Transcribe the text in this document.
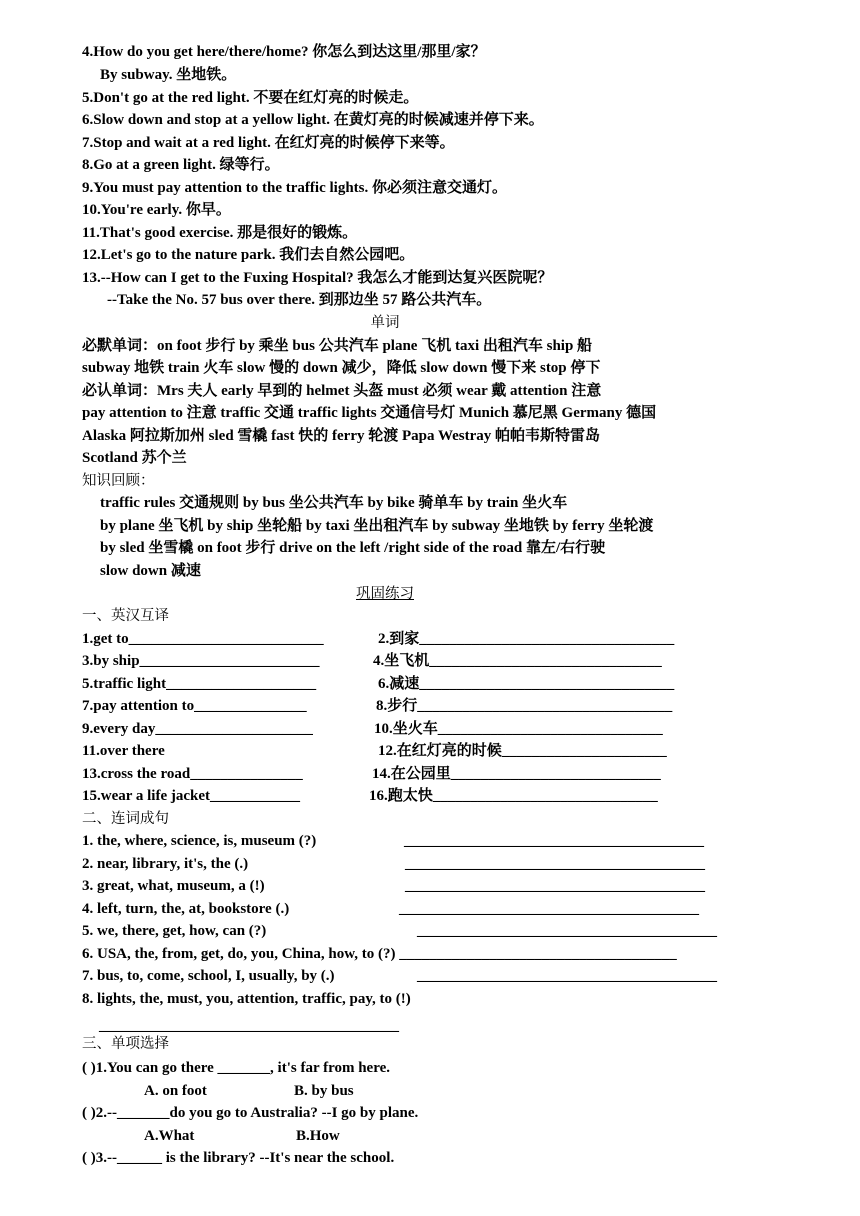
4.How do you get here/there/home? 你怎么到达这里/那里/家？
By subway. 坐地铁。
5.Don't go at the red light. 不要在红灯亮的时候走。
6.Slow down and stop at a yellow light. 在黄灯亮的时候减速并停下来。
7.Stop and wait at a red light. 在红灯亮的时候停下来等。
8.Go at a green light. 绿等行。
9.You must pay attention to the traffic lights. 你必须注意交通灯。
10.You're early. 你早。
11.That's good exercise. 那是很好的锻炼。
12.Let's go to the nature park. 我们去自然公园吧。
13.--How can I get to the Fuxing Hospital? 我怎么才能到达复兴医院呢？
--Take the No. 57 bus over there. 到那边坐 57 路公共汽车。
单词
必默单词：on foot 步行 by 乘坐 bus 公共汽车 plane 飞机 taxi 出租汽车 ship 船
subway 地铁 train 火车 slow 慢的 down 减少，降低 slow down 慢下来 stop 停下
必认单词：Mrs 夫人 early 早到的 helmet 头盔 must 必须 wear 戴 attention 注意
pay attention to 注意 traffic 交通 traffic lights 交通信号灯 Munich 慕尼黑 Germany 德国
Alaska 阿拉斯加州 sled 雪橇 fast 快的 ferry 轮渡 Papa Westray 帕帕韦斯特雷岛
Scotland 苏个兰
知识回顾：
traffic rules 交通规则 by bus 坐公共汽车 by bike 骑单车 by train 坐火车
by plane 坐飞机 by ship 坐轮船 by taxi 坐出租汽车 by subway 坐地铁 by ferry 坐轮渡
by sled 坐雪橇 on foot 步行 drive on the left /right side of the road 靠左/右行驶
slow down 减速
巩固练习
一、英汉互译
1.get to__________________________	2.到家__________________________________
3.by ship________________________	4.坐飞机_______________________________
5.traffic light____________________	6.减速__________________________________
7.pay attention to_______________	8.步行__________________________________
9.every day_____________________	10.坐火车______________________________
11.over there	12.在红灯亮的时候______________________
13.cross the road_______________	14.在公园里____________________________
15.wear a life jacket____________	16.跑太快______________________________
二、连词成句
1. the, where, science, is, museum (?)	________________________________________
2. near, library, it's, the (.)	________________________________________
3. great, what, museum, a (!)	________________________________________
4. left, turn, the, at, bookstore (.)	________________________________________
5. we, there, get, how, can (?)	________________________________________
6. USA, the, from, get, do, you, China, how, to (?) _____________________________________
7. bus, to, come, school, I, usually, by (.)	________________________________________
8. lights, the, must, you, attention, traffic, pay, to (!)
________________________________________
三、单项选择
( )1.You can go there _______, it's far from here.
A. on foot	B. by bus
( )2.--_______do you go to Australia? --I go by plane.
A.What	B.How
( )3.--______ is the library? --It's near the school.
